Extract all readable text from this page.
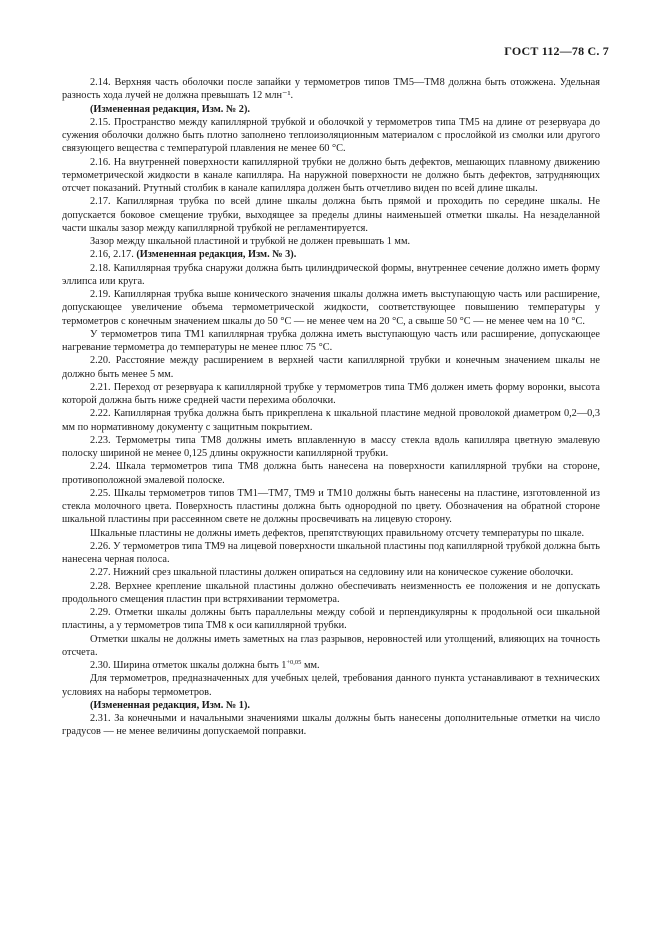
ГОСТ 112—78 С. 7

2.14. Верхняя часть оболочки после запайки у термометров типов ТМ5—ТМ8 должна быть отожжена. Удельная разность хода лучей не должна превышать 12 млн⁻¹.

(Измененная редакция, Изм. № 2).

2.15. Пространство между капиллярной трубкой и оболочкой у термометров типа ТМ5 на длине от резервуара до сужения оболочки должно быть плотно заполнено теплоизоляционным материалом с прослойкой из смолки или другого связующего вещества с температурой плавления не менее 60 °С.

2.16. На внутренней поверхности капиллярной трубки не должно быть дефектов, мешающих плавному движению термометрической жидкости в канале капилляра. На наружной поверхности не должно быть дефектов, затрудняющих отсчет показаний. Ртутный столбик в канале капилляра должен быть отчетливо виден по всей длине шкалы.

2.17. Капиллярная трубка по всей длине шкалы должна быть прямой и проходить по середине шкалы. Не допускается боковое смещение трубки, выходящее за пределы длины наименьшей отметки шкалы. На незаделанной части шкалы зазор между капиллярной трубкой не регламентируется.

Зазор между шкальной пластиной и трубкой не должен превышать 1 мм.

2.16, 2.17. (Измененная редакция, Изм. № 3).

2.18. Капиллярная трубка снаружи должна быть цилиндрической формы, внутреннее сечение должно иметь форму эллипса или круга.

2.19. Капиллярная трубка выше конического значения шкалы должна иметь выступающую часть или расширение, допускающее увеличение объема термометрической жидкости, соответствующее повышению температуры у термометров с конечным значением шкалы до 50 °С — не менее чем на 20 °С, а свыше 50 °С — не менее чем на 10 °С.

У термометров типа ТМ1 капиллярная трубка должна иметь выступающую часть или расширение, допускающее нагревание термометра до температуры не менее плюс 75 °С.

2.20. Расстояние между расширением в верхней части капиллярной трубки и конечным значением шкалы не должно быть менее 5 мм.

2.21. Переход от резервуара к капиллярной трубке у термометров типа ТМ6 должен иметь форму воронки, высота которой должна быть ниже средней части перехима оболочки.

2.22. Капиллярная трубка должна быть прикреплена к шкальной пластине медной проволокой диаметром 0,2—0,3 мм по нормативному документу с защитным покрытием.

2.23. Термометры типа ТМ8 должны иметь вплавленную в массу стекла вдоль капилляра цветную эмалевую полоску шириной не менее 0,125 длины окружности капиллярной трубки.

2.24. Шкала термометров типа ТМ8 должна быть нанесена на поверхности капиллярной трубки на стороне, противоположной эмалевой полоске.

2.25. Шкалы термометров типов ТМ1—ТМ7, ТМ9 и ТМ10 должны быть нанесены на пластине, изготовленной из стекла молочного цвета. Поверхность пластины должна быть однородной по цвету. Обозначения на обратной стороне шкальной пластины при рассеянном свете не должны просвечивать на лицевую сторону.

Шкальные пластины не должны иметь дефектов, препятствующих правильному отсчету температуры по шкале.

2.26. У термометров типа ТМ9 на лицевой поверхности шкальной пластины под капиллярной трубкой должна быть нанесена черная полоса.

2.27. Нижний срез шкальной пластины должен опираться на седловину или на коническое сужение оболочки.

2.28. Верхнее крепление шкальной пластины должно обеспечивать неизменность ее положения и не допускать продольного смещения пластин при встряхивании термометра.

2.29. Отметки шкалы должны быть параллельны между собой и перпендикулярны к продольной оси шкальной пластины, а у термометров типа ТМ8 к оси капиллярной трубки.

Отметки шкалы не должны иметь заметных на глаз разрывов, неровностей или утолщений, влияющих на точность отсчета.

2.30. Ширина отметок шкалы должна быть $1^{+0,05}$ мм.

Для термометров, предназначенных для учебных целей, требования данного пункта устанавливают в технических условиях на наборы термометров.

(Измененная редакция, Изм. № 1).

2.31. За конечными и начальными значениями шкалы должны быть нанесены дополнительные отметки на число градусов — не менее величины допускаемой поправки.
